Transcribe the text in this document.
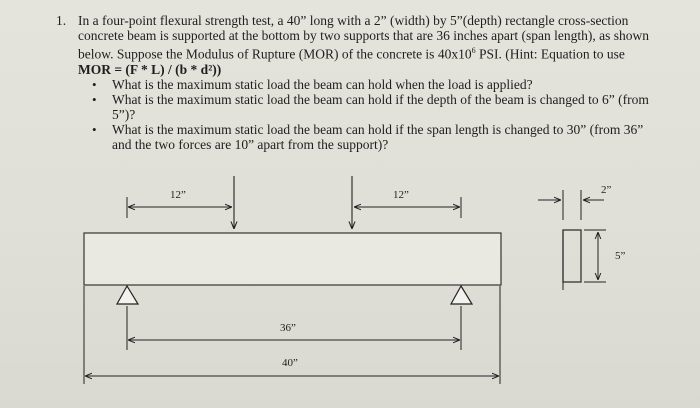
1. In a four-point flexural strength test, a 40” long with a 2” (width) by 5”(depth) rectangle cross-section concrete beam is supported at the bottom by two supports that are 36 inches apart (span length), as shown below. Suppose the Modulus of Rupture (MOR) of the concrete is $40x10^6$ PSI. (Hint: Equation to use MOR = (F * L) / (b * d²))

• What is the maximum static load the beam can hold when the load is applied?
• What is the maximum static load the beam can hold if the depth of the beam is changed to 6” (from 5”)?
• What is the maximum static load the beam can hold if the span length is changed to 30” (from 36” and the two forces are 10” apart from the support)?
12”	12”
36”
40”
2”
5”
